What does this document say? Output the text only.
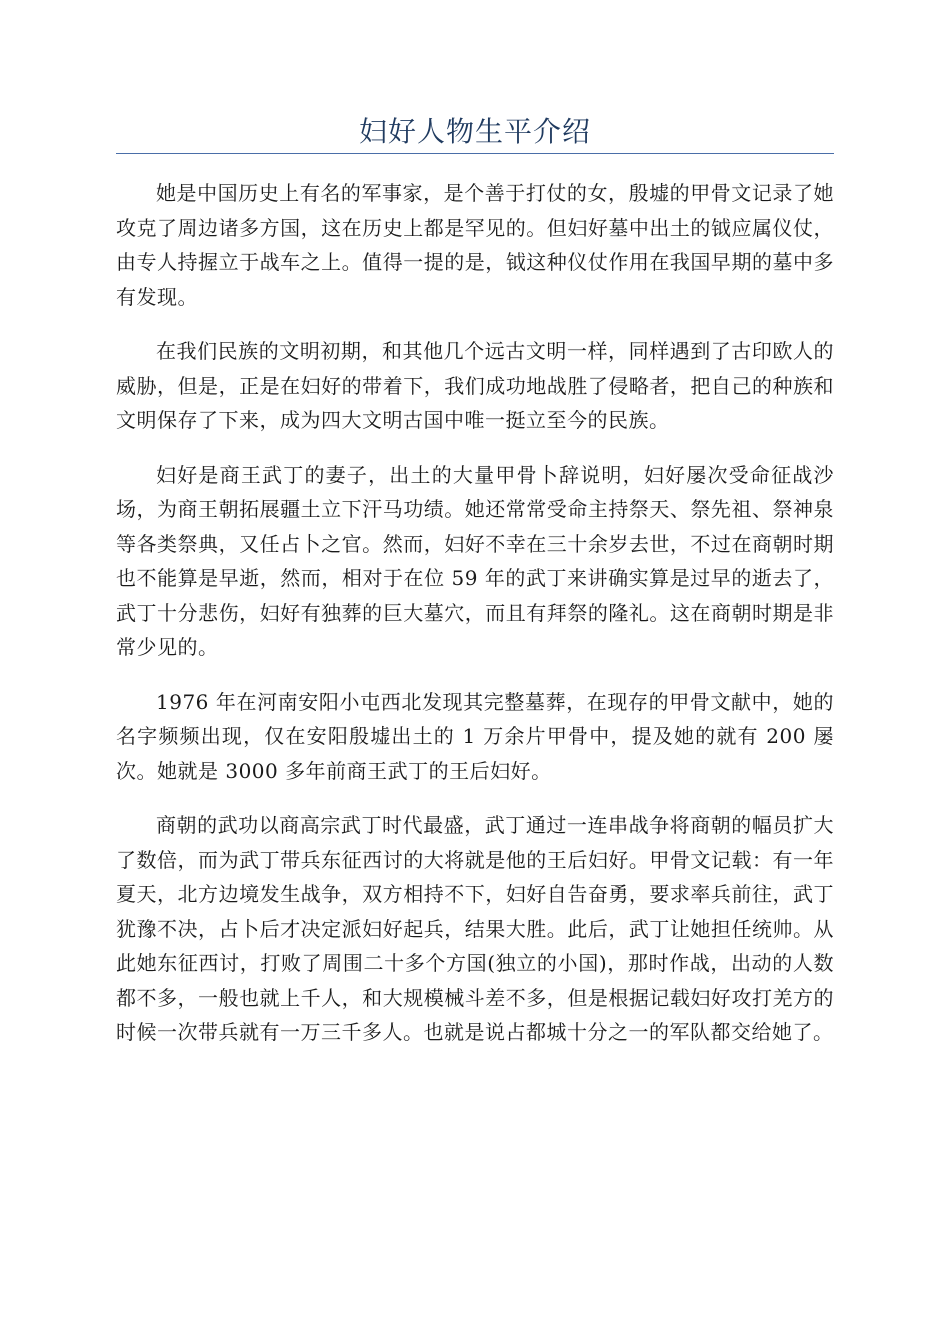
妇好人物生平介绍

她是中国历史上有名的军事家，是个善于打仗的女，殷墟的甲骨文记录了她攻克了周边诸多方国，这在历史上都是罕见的。但妇好墓中出土的钺应属仪仗，由专人持握立于战车之上。值得一提的是，钺这种仪仗作用在我国早期的墓中多有发现。

在我们民族的文明初期，和其他几个远古文明一样，同样遇到了古印欧人的威胁，但是，正是在妇好的带着下，我们成功地战胜了侵略者，把自己的种族和文明保存了下来，成为四大文明古国中唯一挺立至今的民族。

妇好是商王武丁的妻子，出土的大量甲骨卜辞说明，妇好屡次受命征战沙场，为商王朝拓展疆土立下汗马功绩。她还常常受命主持祭天、祭先祖、祭神泉等各类祭典，又任占卜之官。然而，妇好不幸在三十余岁去世，不过在商朝时期也不能算是早逝，然而，相对于在位 59 年的武丁来讲确实算是过早的逝去了，武丁十分悲伤，妇好有独葬的巨大墓穴，而且有拜祭的隆礼。这在商朝时期是非常少见的。

1976 年在河南安阳小屯西北发现其完整墓葬，在现存的甲骨文献中，她的名字频频出现，仅在安阳殷墟出土的 1 万余片甲骨中，提及她的就有 200 屡次。她就是 3000 多年前商王武丁的王后妇好。

商朝的武功以商高宗武丁时代最盛，武丁通过一连串战争将商朝的幅员扩大了数倍，而为武丁带兵东征西讨的大将就是他的王后妇好。甲骨文记载：有一年夏天，北方边境发生战争，双方相持不下，妇好自告奋勇，要求率兵前往，武丁犹豫不决，占卜后才决定派妇好起兵，结果大胜。此后，武丁让她担任统帅。从此她东征西讨，打败了周围二十多个方国(独立的小国)，那时作战，出动的人数都不多，一般也就上千人，和大规模械斗差不多，但是根据记载妇好攻打羌方的时候一次带兵就有一万三千多人。也就是说占都城十分之一的军队都交给她了。
